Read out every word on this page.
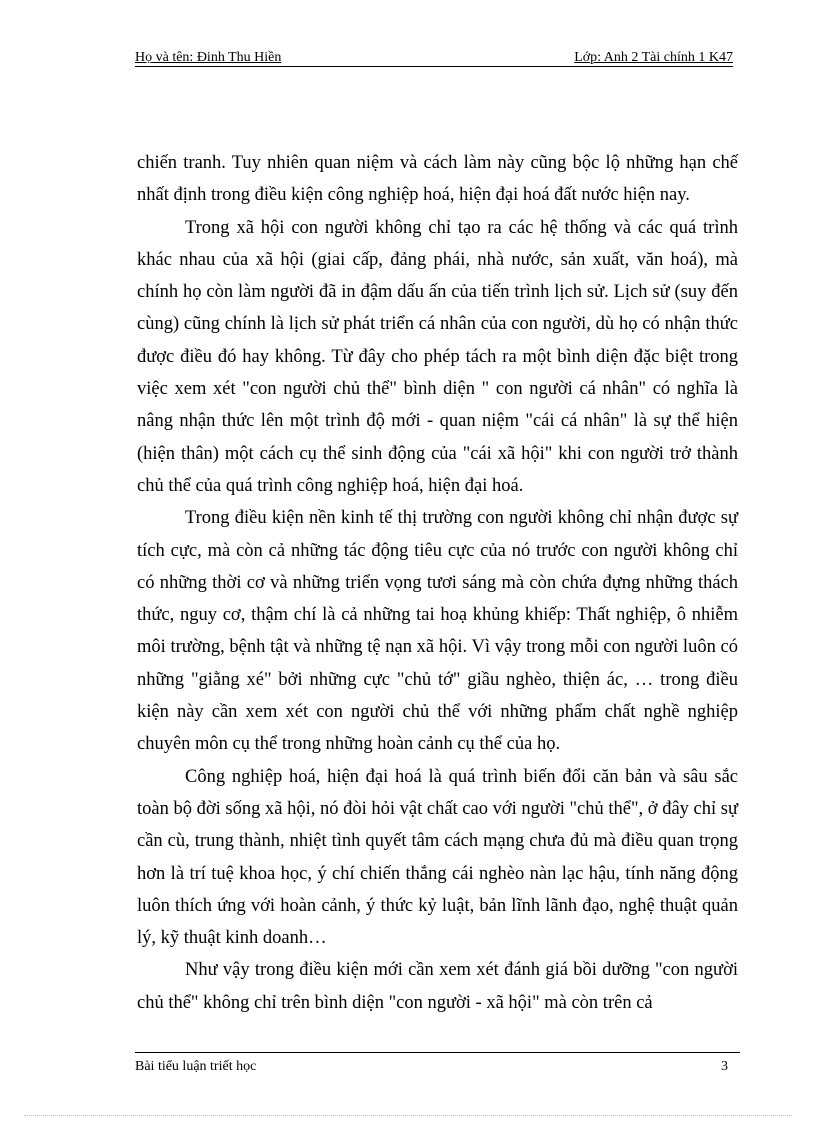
Họ và tên: Đinh Thu Hiền	Lớp: Anh 2 Tài chính 1 K47

chiến tranh. Tuy nhiên quan niệm và cách làm này cũng bộc lộ những hạn chế nhất định trong điều kiện công nghiệp hoá, hiện đại hoá đất nước hiện nay.

Trong xã hội con người không chỉ tạo ra các hệ thống và các quá trình khác nhau của xã hội (giai cấp, đảng phái, nhà nước, sản xuất, văn hoá), mà chính họ còn làm người đã in đậm dấu ấn của tiến trình lịch sử. Lịch sử (suy đến cùng) cũng chính là lịch sử phát triển cá nhân của con người, dù họ có nhận thức được điều đó hay không. Từ đây cho phép tách ra một bình diện đặc biệt trong việc xem xét "con người chủ thể" bình diện " con người cá nhân" có nghĩa là nâng nhận thức lên một trình độ mới - quan niệm "cái cá nhân" là sự thể hiện (hiện thân) một cách cụ thể sinh động của "cái xã hội" khi con người trở thành chủ thể của quá trình công nghiệp hoá, hiện đại hoá.

Trong điều kiện nền kinh tế thị trường con người không chỉ nhận được sự tích cực, mà còn cả những tác động tiêu cực của nó trước con người không chỉ có những thời cơ và những triển vọng tươi sáng mà còn chứa đựng những thách thức, nguy cơ, thậm chí là cả những tai hoạ khủng khiếp: Thất nghiệp, ô nhiễm môi trường, bệnh tật và những tệ nạn xã hội. Vì vậy trong mỗi con người luôn có những "giằng xé" bởi những cực "chủ tớ" giầu nghèo, thiện ác, … trong điều kiện này cần xem xét con người chủ thể với những phẩm chất nghề nghiệp chuyên môn cụ thể trong những hoàn cảnh cụ thể của họ.

Công nghiệp hoá, hiện đại hoá là quá trình biến đổi căn bản và sâu sắc toàn bộ đời sống xã hội, nó đòi hỏi vật chất cao với người "chủ thể", ở đây chỉ sự cần cù, trung thành, nhiệt tình quyết tâm cách mạng chưa đủ mà điều quan trọng hơn là trí tuệ khoa học, ý chí chiến thắng cái nghèo nàn lạc hậu, tính năng động luôn thích ứng với hoàn cảnh, ý thức kỷ luật, bản lĩnh lãnh đạo, nghệ thuật quản lý, kỹ thuật kinh doanh…

Như vậy trong điều kiện mới cần xem xét đánh giá bồi dưỡng "con người chủ thể" không chỉ trên bình diện "con người - xã hội" mà còn trên cả

Bài tiểu luận triết học	3
